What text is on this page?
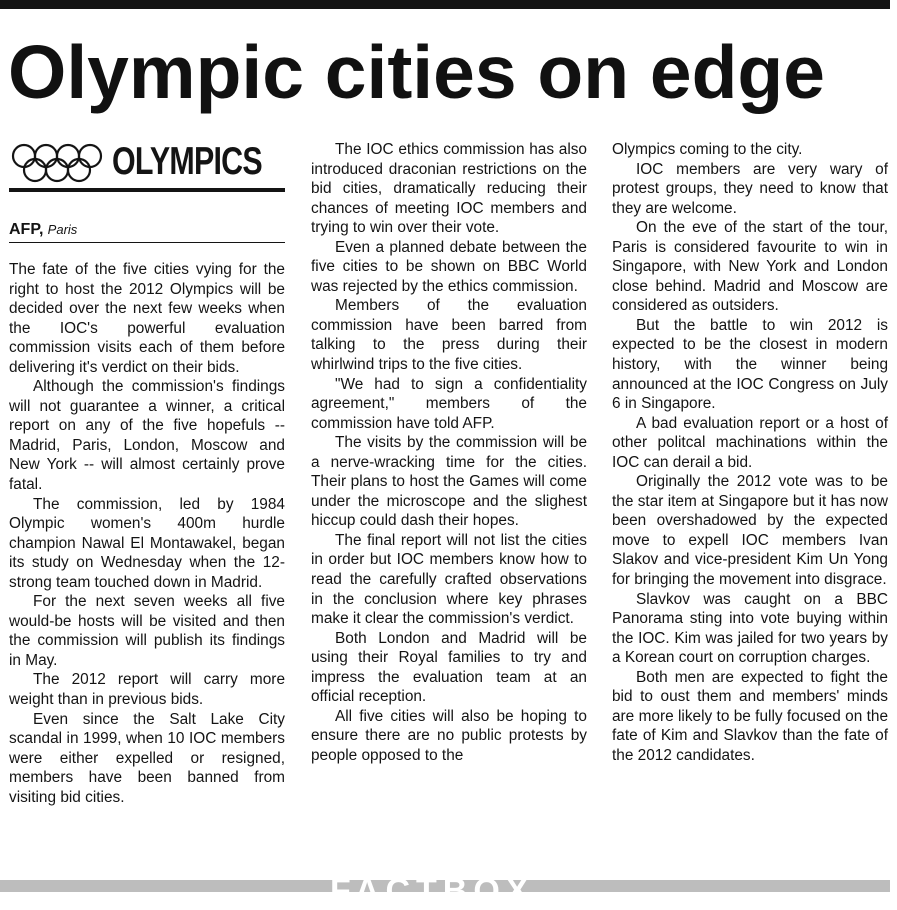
Olympic cities on edge
OLYMPICS
AFP, Paris

The fate of the five cities vying for the right to host the 2012 Olympics will be decided over the next few weeks when the IOC's powerful evaluation commission visits each of them before delivering it's verdict on their bids.

Although the commission's findings will not guarantee a winner, a critical report on any of the five hopefuls -- Madrid, Paris, London, Moscow and New York -- will almost certainly prove fatal.

The commission, led by 1984 Olympic women's 400m hurdle champion Nawal El Montawakel, began its study on Wednesday when the 12-strong team touched down in Madrid.

For the next seven weeks all five would-be hosts will be visited and then the commission will publish its findings in May.

The 2012 report will carry more weight than in previous bids.

Even since the Salt Lake City scandal in 1999, when 10 IOC members were either expelled or resigned, members have been banned from visiting bid cities.

The IOC ethics commission has also introduced draconian restrictions on the bid cities, dramatically reducing their chances of meeting IOC members and trying to win over their vote.

Even a planned debate between the five cities to be shown on BBC World was rejected by the ethics commission.

Members of the evaluation commission have been barred from talking to the press during their whirlwind trips to the five cities.

"We had to sign a confidentiality agreement," members of the commission have told AFP.

The visits by the commission will be a nerve-wracking time for the cities. Their plans to host the Games will come under the microscope and the slighest hiccup could dash their hopes.

The final report will not list the cities in order but IOC members know how to read the carefully crafted observations in the conclusion where key phrases make it clear the commission's verdict.

Both London and Madrid will be using their Royal families to try and impress the evaluation team at an official reception.

All five cities will also be hoping to ensure there are no public protests by people opposed to the

Olympics coming to the city.

IOC members are very wary of protest groups, they need to know that they are welcome.

On the eve of the start of the tour, Paris is considered favourite to win in Singapore, with New York and London close behind. Madrid and Moscow are considered as outsiders.

But the battle to win 2012 is expected to be the closest in modern history, with the winner being announced at the IOC Congress on July 6 in Singapore.

A bad evaluation report or a host of other politcal machinations within the IOC can derail a bid.

Originally the 2012 vote was to be the star item at Singapore but it has now been overshadowed by the expected move to expell IOC members Ivan Slakov and vice-president Kim Un Yong for bringing the movement into disgrace.

Slavkov was caught on a BBC Panorama sting into vote buying within the IOC. Kim was jailed for two years by a Korean court on corruption charges.

Both men are expected to fight the bid to oust them and members' minds are more likely to be fully focused on the fate of Kim and Slavkov than the fate of the 2012 candidates.

FACTBOX
